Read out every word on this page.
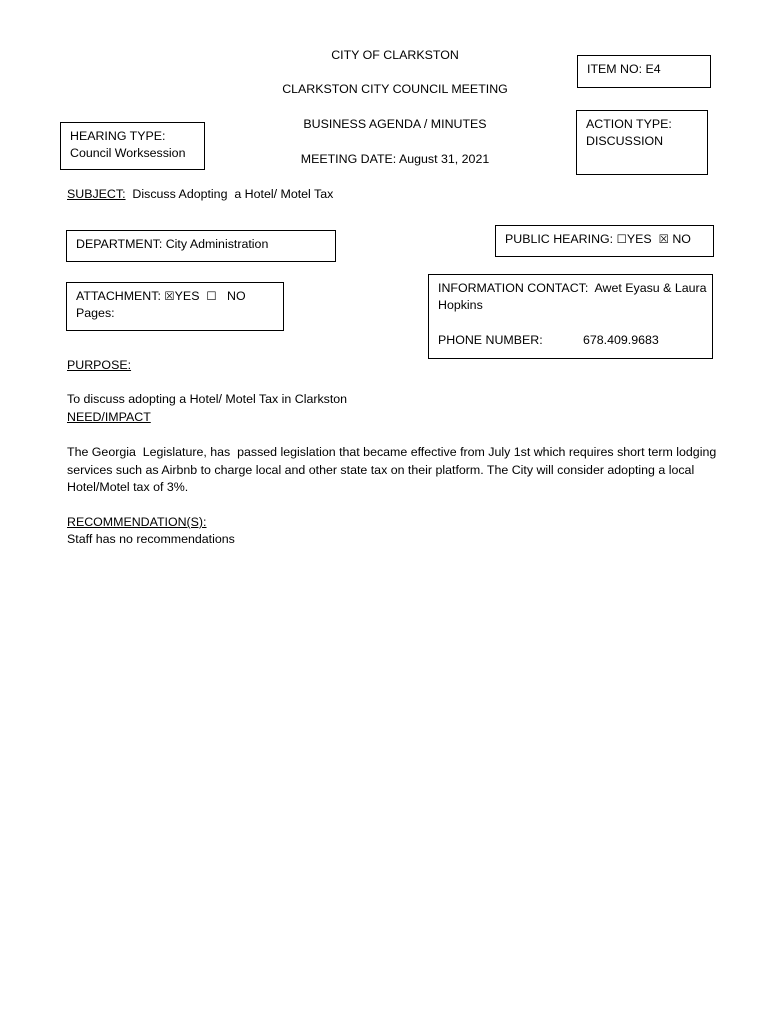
CITY OF CLARKSTON
CLARKSTON CITY COUNCIL MEETING
BUSINESS AGENDA / MINUTES
MEETING DATE: August 31, 2021
ITEM NO: E4
ACTION TYPE:
DISCUSSION
HEARING TYPE:
Council Worksession
SUBJECT: Discuss Adopting  a Hotel/ Motel Tax
DEPARTMENT: City Administration	PUBLIC HEARING: ☐YES ☒ NO
ATTACHMENT: ☒YES ☐ NO
Pages:
INFORMATION CONTACT:  Awet Eyasu & Laura
Hopkins
PHONE NUMBER:	678.409.9683
PURPOSE:
To discuss adopting a Hotel/ Motel Tax in Clarkston
NEED/IMPACT
The Georgia  Legislature, has  passed legislation that became effective from July 1st which requires short term lodging services such as Airbnb to charge local and other state tax on their platform. The City will consider adopting a local Hotel/Motel tax of 3%.
RECOMMENDATION(S):
Staff has no recommendations
